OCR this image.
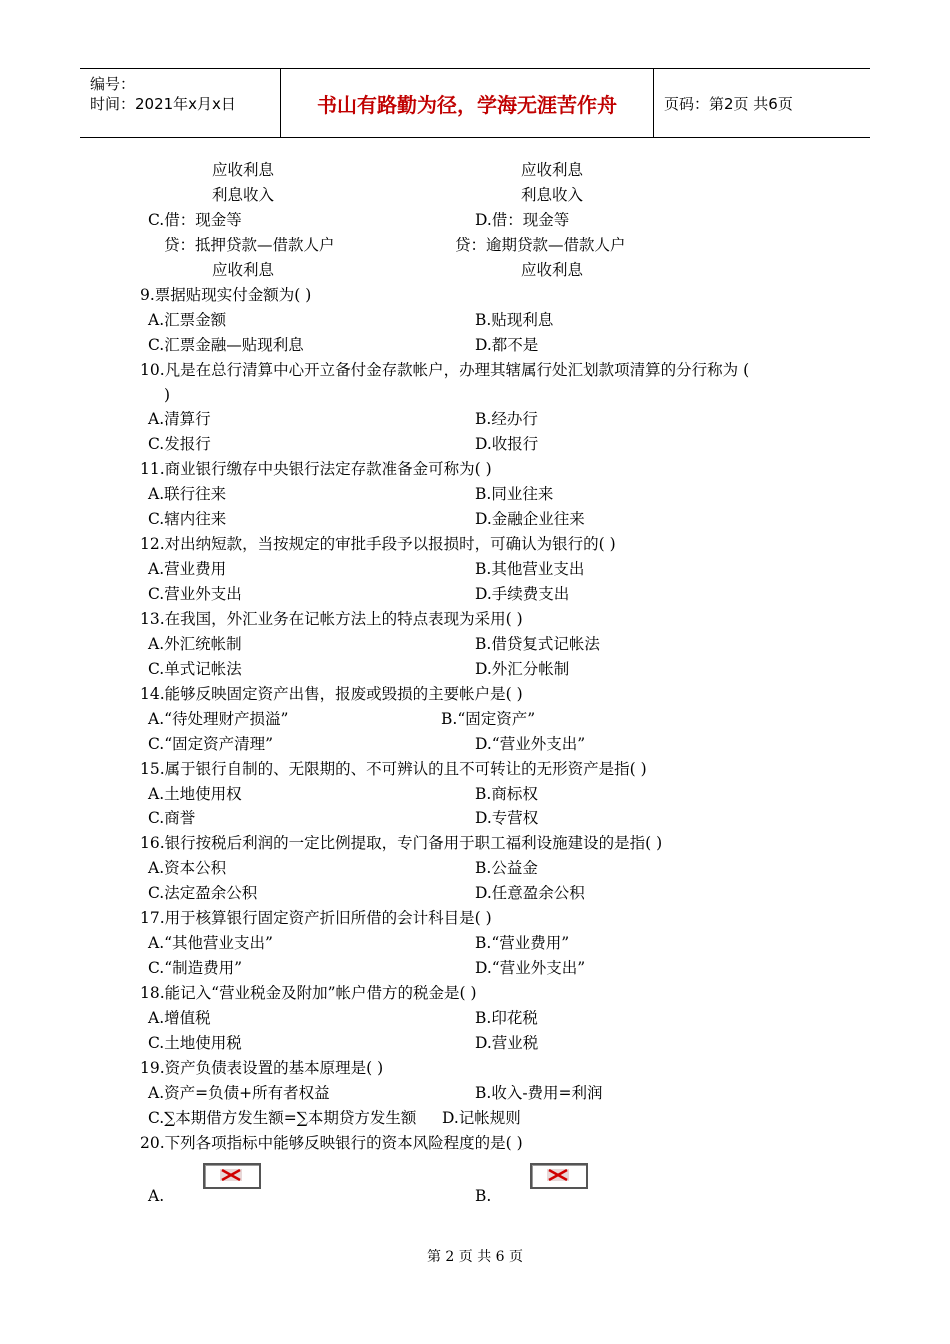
编号：
时间：2021年x月x日	书山有路勤为径，学海无涯苦作舟	页码：第2页 共6页
应收利息	应收利息
利息收入	利息收入
C.借：现金等	D.借：现金等
贷：抵押贷款—借款人户	贷：逾期贷款—借款人户
应收利息	应收利息
9.票据贴现实付金额为( )
A.汇票金额	B.贴现利息
C.汇票金融—贴现利息	D.都不是
10.凡是在总行清算中心开立备付金存款帐户，办理其辖属行处汇划款项清算的分行称为 (
)
A.清算行	B.经办行
C.发报行	D.收报行
11.商业银行缴存中央银行法定存款准备金可称为( )
A.联行往来	B.同业往来
C.辖内往来	D.金融企业往来
12.对出纳短款，当按规定的审批手段予以报损时，可确认为银行的( )
A.营业费用	B.其他营业支出
C.营业外支出	D.手续费支出
13.在我国，外汇业务在记帐方法上的特点表现为采用( )
A.外汇统帐制	B.借贷复式记帐法
C.单式记帐法	D.外汇分帐制
14.能够反映固定资产出售，报废或毁损的主要帐户是( )
A.“待处理财产损溢”	B.“固定资产”
C.“固定资产清理”	D.“营业外支出”
15.属于银行自制的、无限期的、不可辨认的且不可转让的无形资产是指( )
A.土地使用权	B.商标权
C.商誉	D.专营权
16.银行按税后利润的一定比例提取，专门备用于职工福利设施建设的是指( )
A.资本公积	B.公益金
C.法定盈余公积	D.任意盈余公积
17.用于核算银行固定资产折旧所借的会计科目是( )
A.“其他营业支出”	B.“营业费用”
C.“制造费用”	D.“营业外支出”
18.能记入“营业税金及附加”帐户借方的税金是( )
A.增值税	B.印花税
C.土地使用税	D.营业税
19.资产负债表设置的基本原理是( )
A.资产=负债+所有者权益	B.收入-费用=利润
C.∑本期借方发生额=∑本期贷方发生额 D.记帐规则
20.下列各项指标中能够反映银行的资本风险程度的是( )
A.	B.
第 2 页 共 6 页
